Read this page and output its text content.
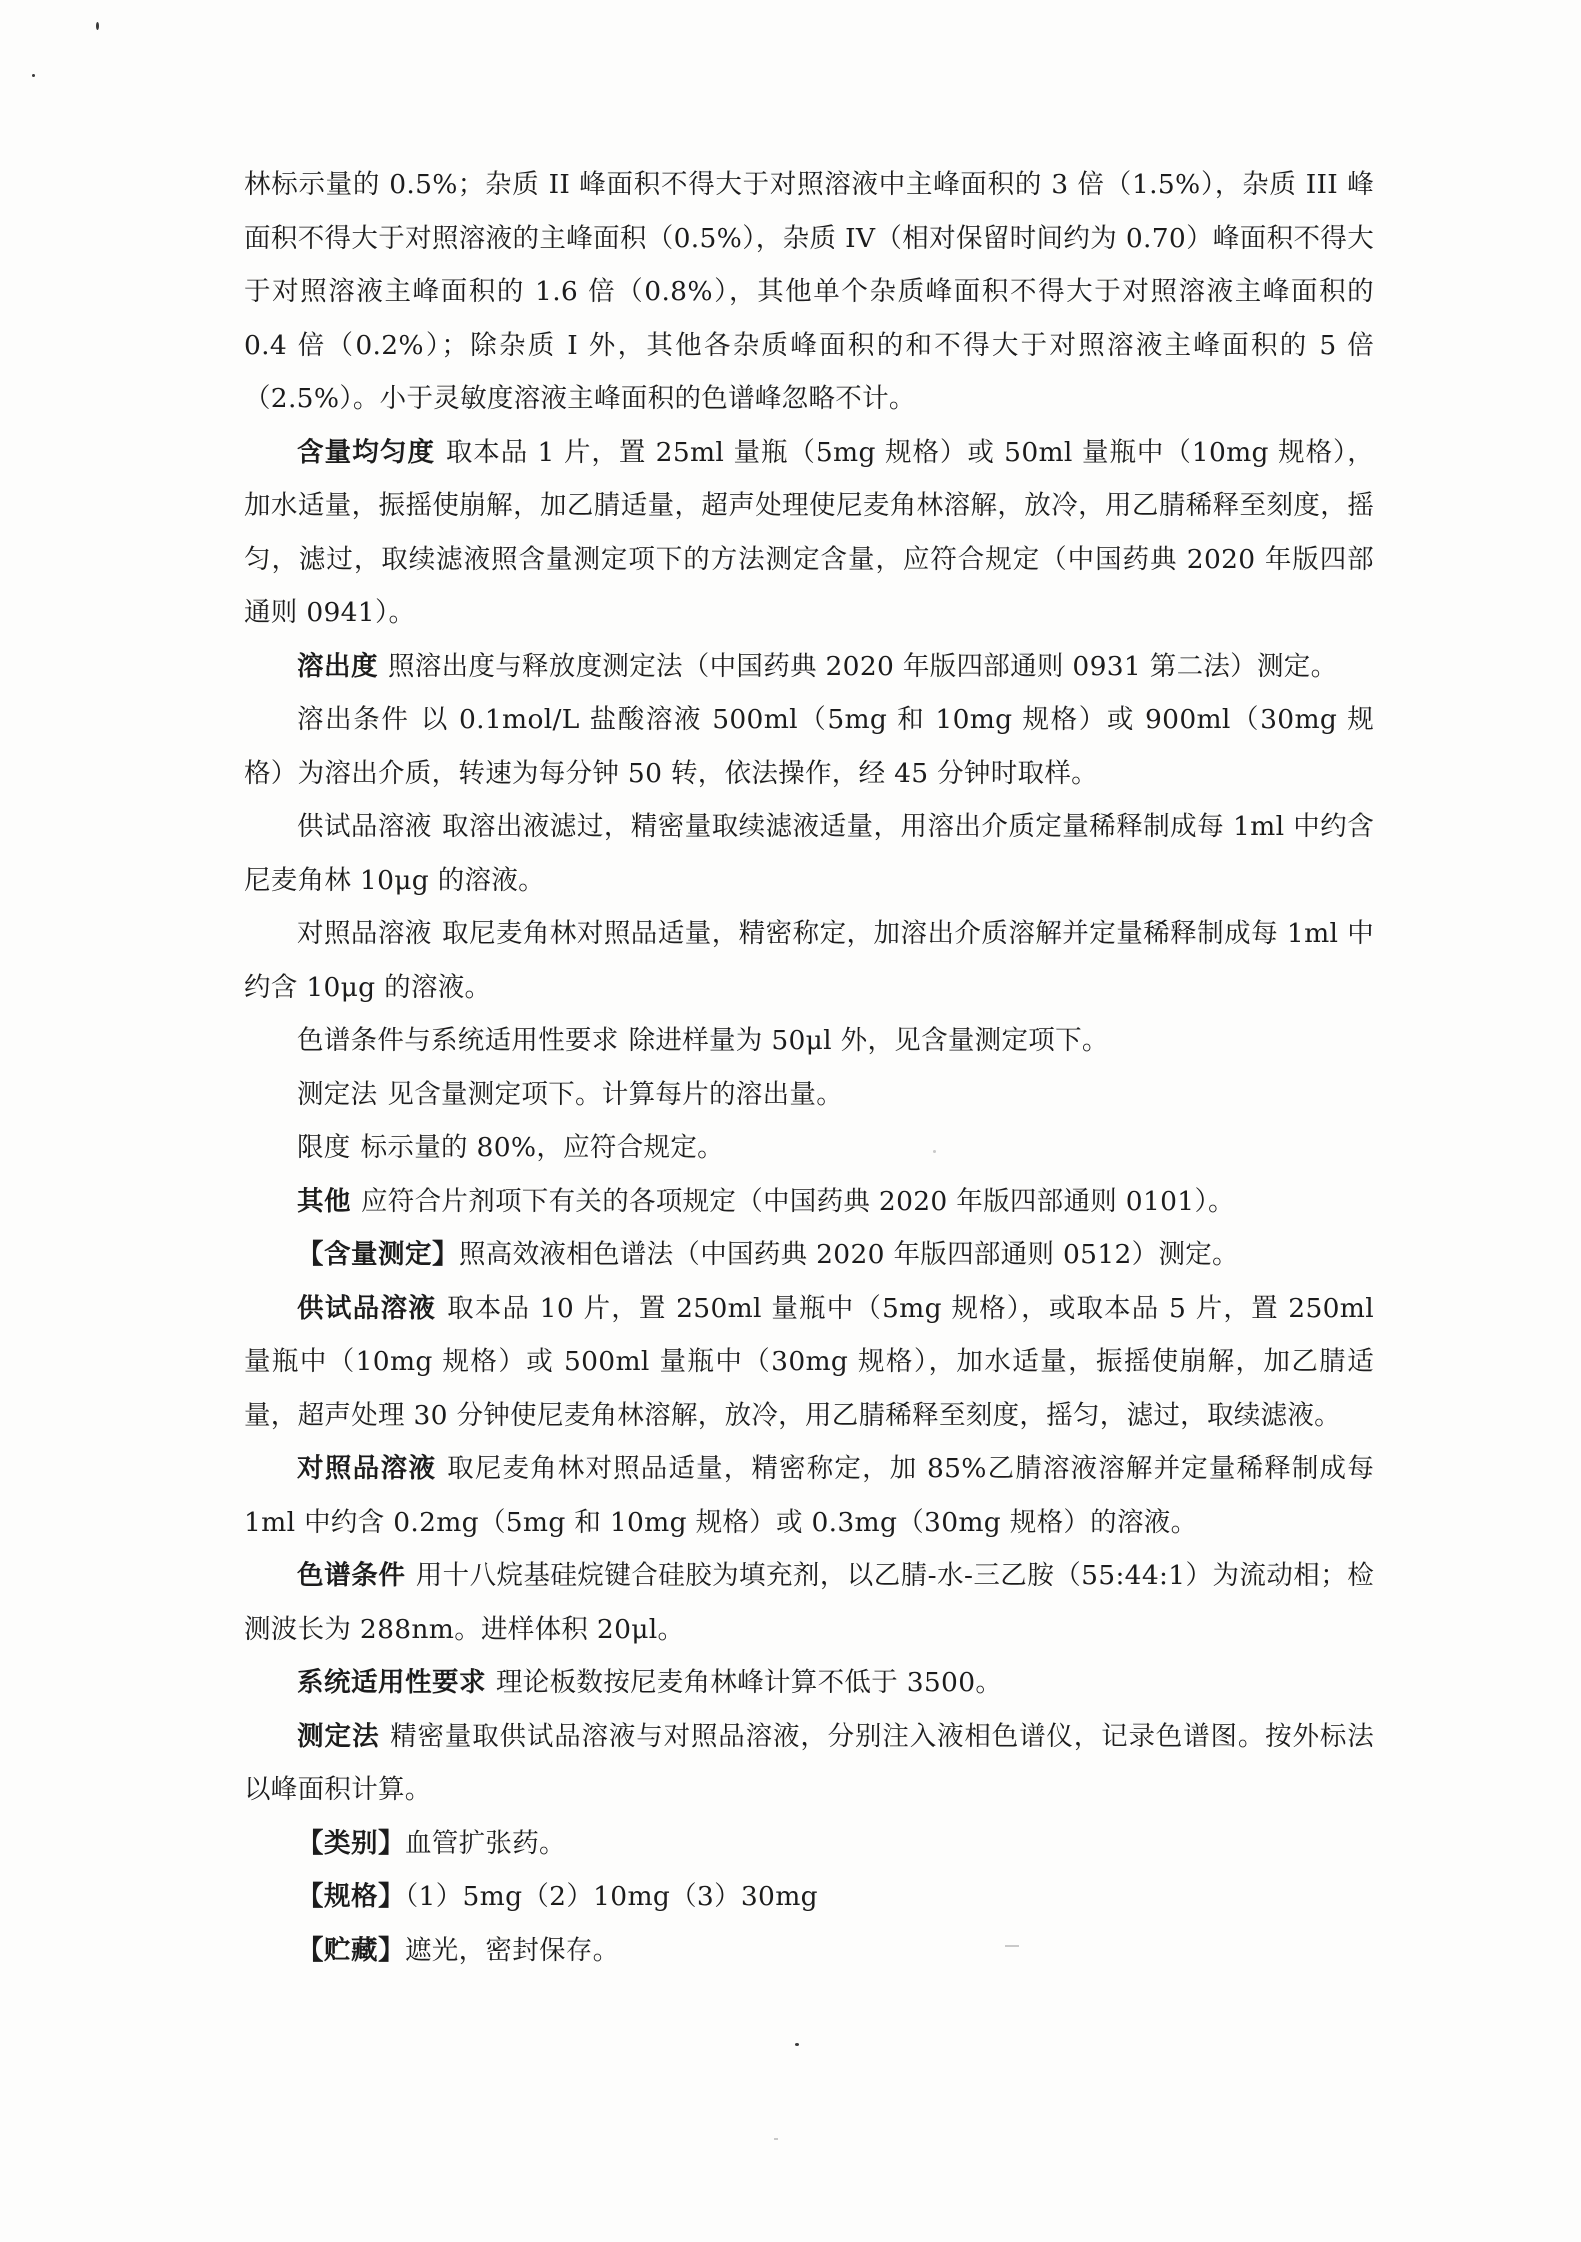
林标示量的 0.5%；杂质 II 峰面积不得大于对照溶液中主峰面积的 3 倍（1.5%），杂质 III 峰面积不得大于对照溶液的主峰面积（0.5%），杂质 IV（相对保留时间约为 0.70）峰面积不得大于对照溶液主峰面积的 1.6 倍（0.8%），其他单个杂质峰面积不得大于对照溶液主峰面积的 0.4 倍（0.2%）；除杂质 I 外，其他各杂质峰面积的和不得大于对照溶液主峰面积的 5 倍（2.5%）。小于灵敏度溶液主峰面积的色谱峰忽略不计。

含量均匀度 取本品 1 片，置 25ml 量瓶（5mg 规格）或 50ml 量瓶中（10mg 规格），加水适量，振摇使崩解，加乙腈适量，超声处理使尼麦角林溶解，放冷，用乙腈稀释至刻度，摇匀，滤过，取续滤液照含量测定项下的方法测定含量，应符合规定（中国药典 2020 年版四部通则 0941）。

溶出度 照溶出度与释放度测定法（中国药典 2020 年版四部通则 0931 第二法）测定。

溶出条件 以 0.1mol/L 盐酸溶液 500ml（5mg 和 10mg 规格）或 900ml（30mg 规格）为溶出介质，转速为每分钟 50 转，依法操作，经 45 分钟时取样。

供试品溶液 取溶出液滤过，精密量取续滤液适量，用溶出介质定量稀释制成每 1ml 中约含尼麦角林 10μg 的溶液。

对照品溶液 取尼麦角林对照品适量，精密称定，加溶出介质溶解并定量稀释制成每 1ml 中约含 10μg 的溶液。

色谱条件与系统适用性要求 除进样量为 50μl 外，见含量测定项下。

测定法 见含量测定项下。计算每片的溶出量。

限度 标示量的 80%，应符合规定。

其他 应符合片剂项下有关的各项规定（中国药典 2020 年版四部通则 0101）。

【含量测定】照高效液相色谱法（中国药典 2020 年版四部通则 0512）测定。

供试品溶液 取本品 10 片，置 250ml 量瓶中（5mg 规格），或取本品 5 片，置 250ml 量瓶中（10mg 规格）或 500ml 量瓶中（30mg 规格），加水适量，振摇使崩解，加乙腈适量，超声处理 30 分钟使尼麦角林溶解，放冷，用乙腈稀释至刻度，摇匀，滤过，取续滤液。

对照品溶液 取尼麦角林对照品适量，精密称定，加 85%乙腈溶液溶解并定量稀释制成每 1ml 中约含 0.2mg（5mg 和 10mg 规格）或 0.3mg（30mg 规格）的溶液。

色谱条件 用十八烷基硅烷键合硅胶为填充剂，以乙腈-水-三乙胺（55:44:1）为流动相；检测波长为 288nm。进样体积 20μl。

系统适用性要求 理论板数按尼麦角林峰计算不低于 3500。

测定法 精密量取供试品溶液与对照品溶液，分别注入液相色谱仪，记录色谱图。按外标法以峰面积计算。

【类别】血管扩张药。

【规格】（1）5mg（2）10mg（3）30mg

【贮藏】遮光，密封保存。
